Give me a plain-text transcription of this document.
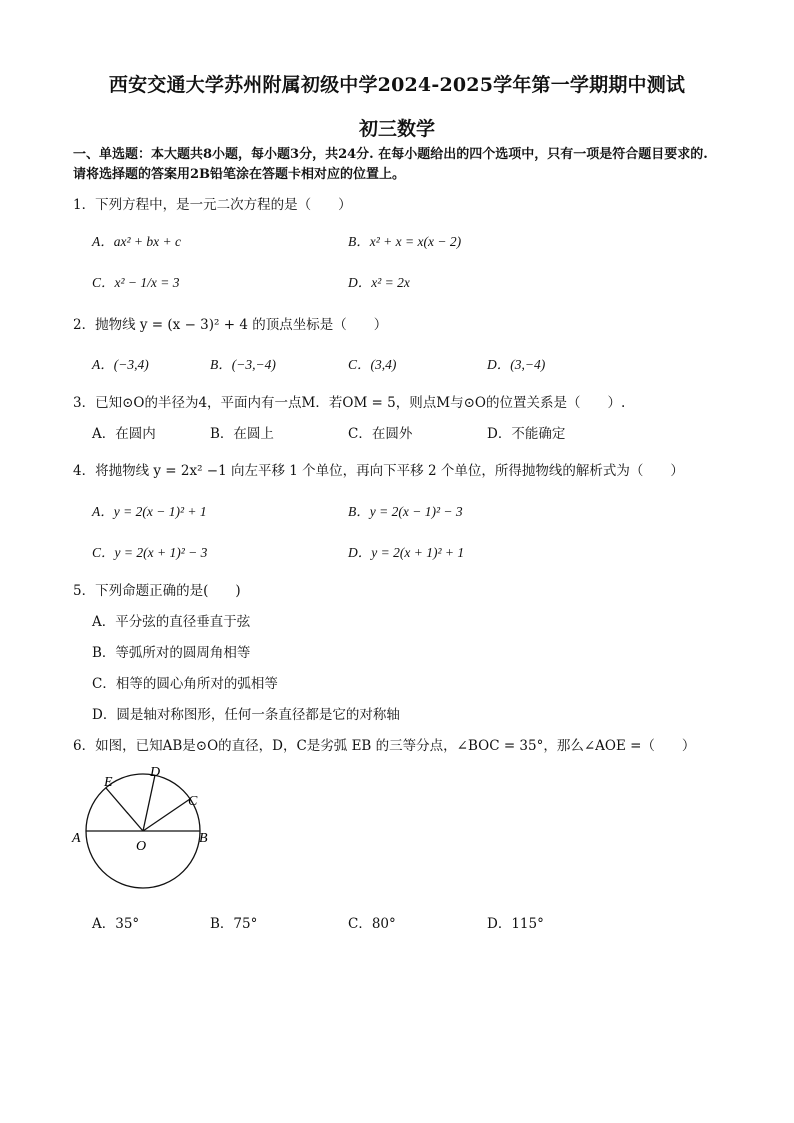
西安交通大学苏州附属初级中学2024-2025学年第一学期期中测试
初三数学
一、单选题：本大题共8小题，每小题3分，共24分. 在每小题给出的四个选项中，只有一项是符合题目要求的. 请将选择题的答案用2B铅笔涂在答题卡相对应的位置上。
1．下列方程中，是一元二次方程的是（　　）
A．ax² + bx + c	B．x² + x = x(x − 2)
C．x² − 1/x = 3	D．x² = 2x
2．抛物线 y = (x − 3)² + 4 的顶点坐标是（　　）
A．(−3,4)	B．(−3,−4)	C．(3,4)	D．(3,−4)
3．已知⊙O的半径为4，平面内有一点M．若OM = 5，则点M与⊙O的位置关系是（　　）.
A．在圆内	B．在圆上	C．在圆外	D．不能确定
4．将抛物线 y = 2x² −1 向左平移 1 个单位，再向下平移 2 个单位，所得抛物线的解析式为（　　）
A．y = 2(x − 1)² + 1	B．y = 2(x − 1)² − 3
C．y = 2(x + 1)² − 3	D．y = 2(x + 1)² + 1
5．下列命题正确的是(　　)
A．平分弦的直径垂直于弦
B．等弧所对的圆周角相等
C．相等的圆心角所对的弧相等
D．圆是轴对称图形，任何一条直径都是它的对称轴
6．如图，已知AB是⊙O的直径，D，C是劣弧 EB 的三等分点，∠BOC = 35°，那么∠AOE =（　　）
A	B
C
D
E
O
A．35°	B．75°	C．80°	D．115°
